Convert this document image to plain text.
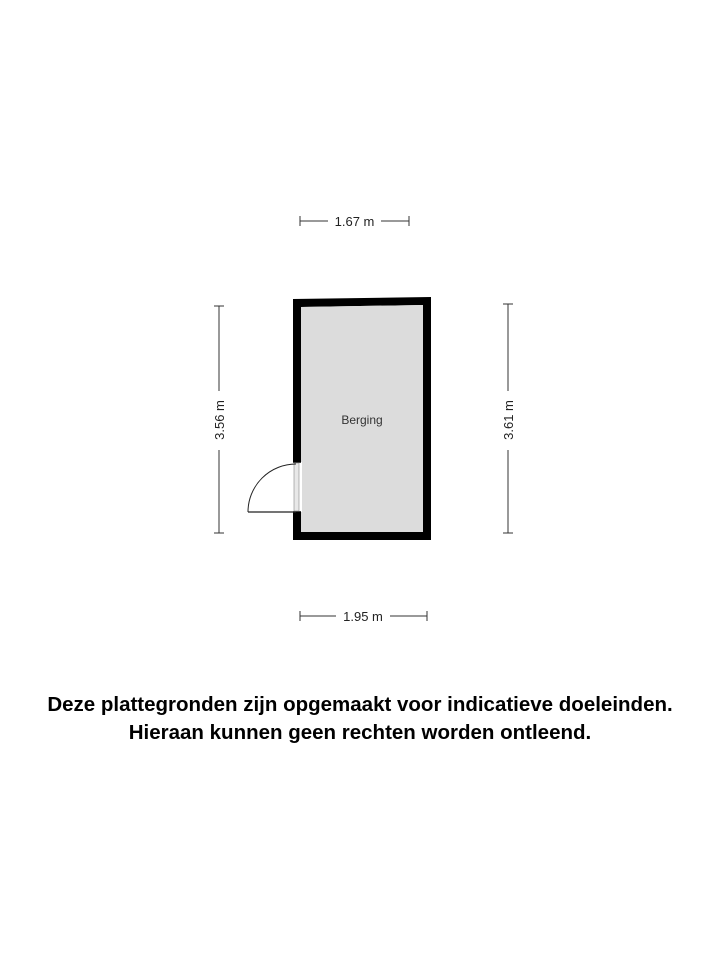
1.67 m
1.95 m
3.56 m	3.61 m
Berging
Deze plattegronden zijn opgemaakt voor indicatieve doeleinden.
Hieraan kunnen geen rechten worden ontleend.
